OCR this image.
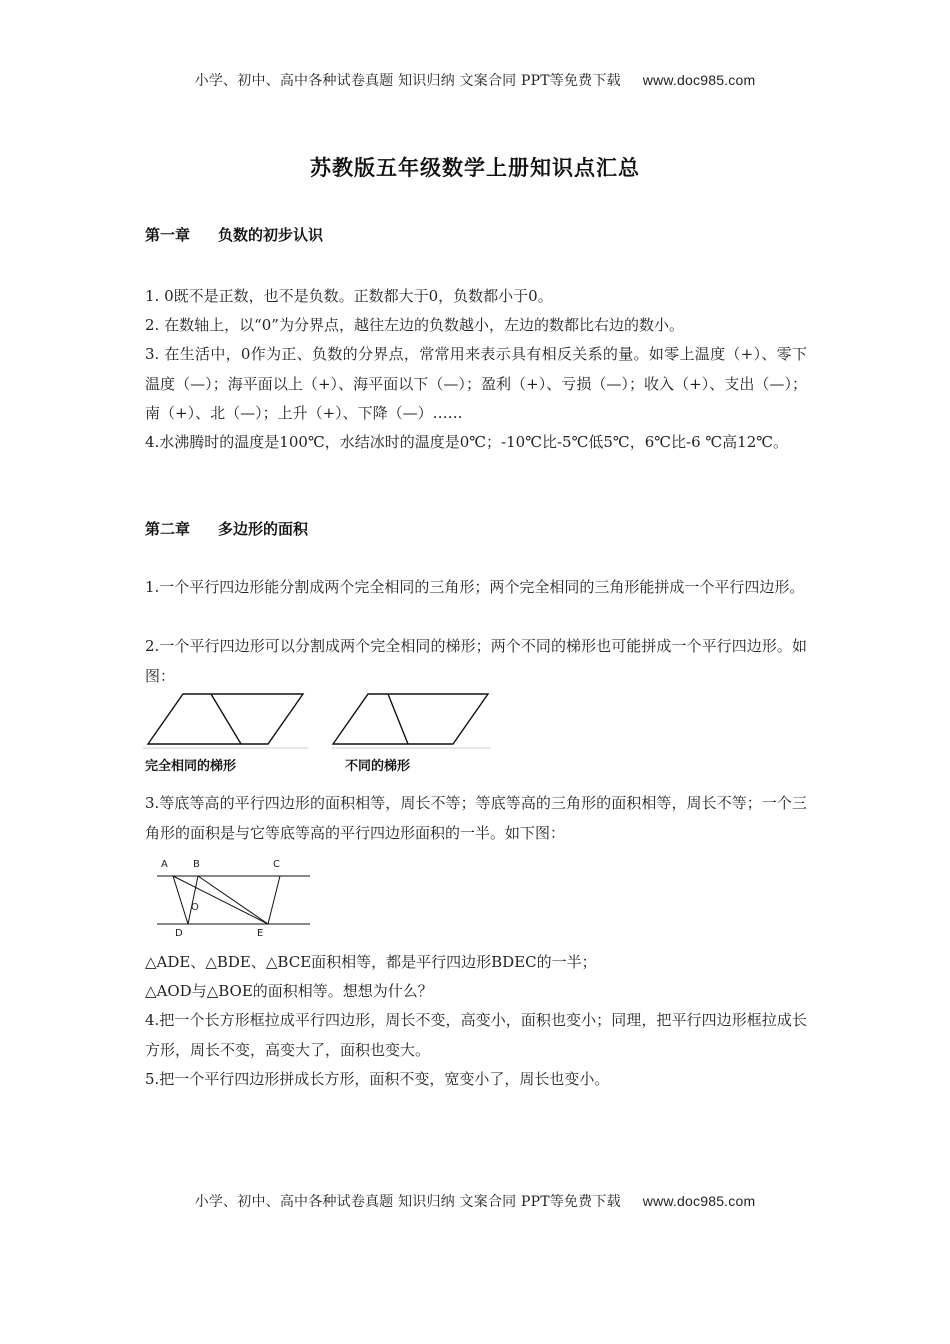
小学、初中、高中各种试卷真题 知识归纳 文案合同 PPT等免费下载 www.doc985.com
苏教版五年级数学上册知识点汇总
第一章 负数的初步认识
1. 0既不是正数，也不是负数。正数都大于0，负数都小于0。
2. 在数轴上，以“0”为分界点，越往左边的负数越小，左边的数都比右边的数小。
3. 在生活中，0作为正、负数的分界点，常常用来表示具有相反关系的量。如零上温度（+）、零下温度（—）；海平面以上（+）、海平面以下（—）；盈利（+）、亏损（—）；收入（+）、支出（—）；南（+）、北（—）；上升（+）、下降（—）……
4.水沸腾时的温度是100℃，水结冰时的温度是0℃；-10℃比-5℃低5℃，6℃比-6 ℃高12℃。
第二章 多边形的面积
1.一个平行四边形能分割成两个完全相同的三角形；两个完全相同的三角形能拼成一个平行四边形。
2.一个平行四边形可以分割成两个完全相同的梯形；两个不同的梯形也可能拼成一个平行四边形。如图：
完全相同的梯形	不同的梯形
3.等底等高的平行四边形的面积相等，周长不等；等底等高的三角形的面积相等，周长不等；一个三角形的面积是与它等底等高的平行四边形面积的一半。如下图：
A	B	C
O
D	E
△ADE、△BDE、△BCE面积相等，都是平行四边形BDEC的一半；
△AOD与△BOE的面积相等。想想为什么？
4.把一个长方形框拉成平行四边形，周长不变，高变小，面积也变小；同理，把平行四边形框拉成长方形，周长不变，高变大了，面积也变大。
5.把一个平行四边形拼成长方形，面积不变，宽变小了，周长也变小。
小学、初中、高中各种试卷真题 知识归纳 文案合同 PPT等免费下载 www.doc985.com
